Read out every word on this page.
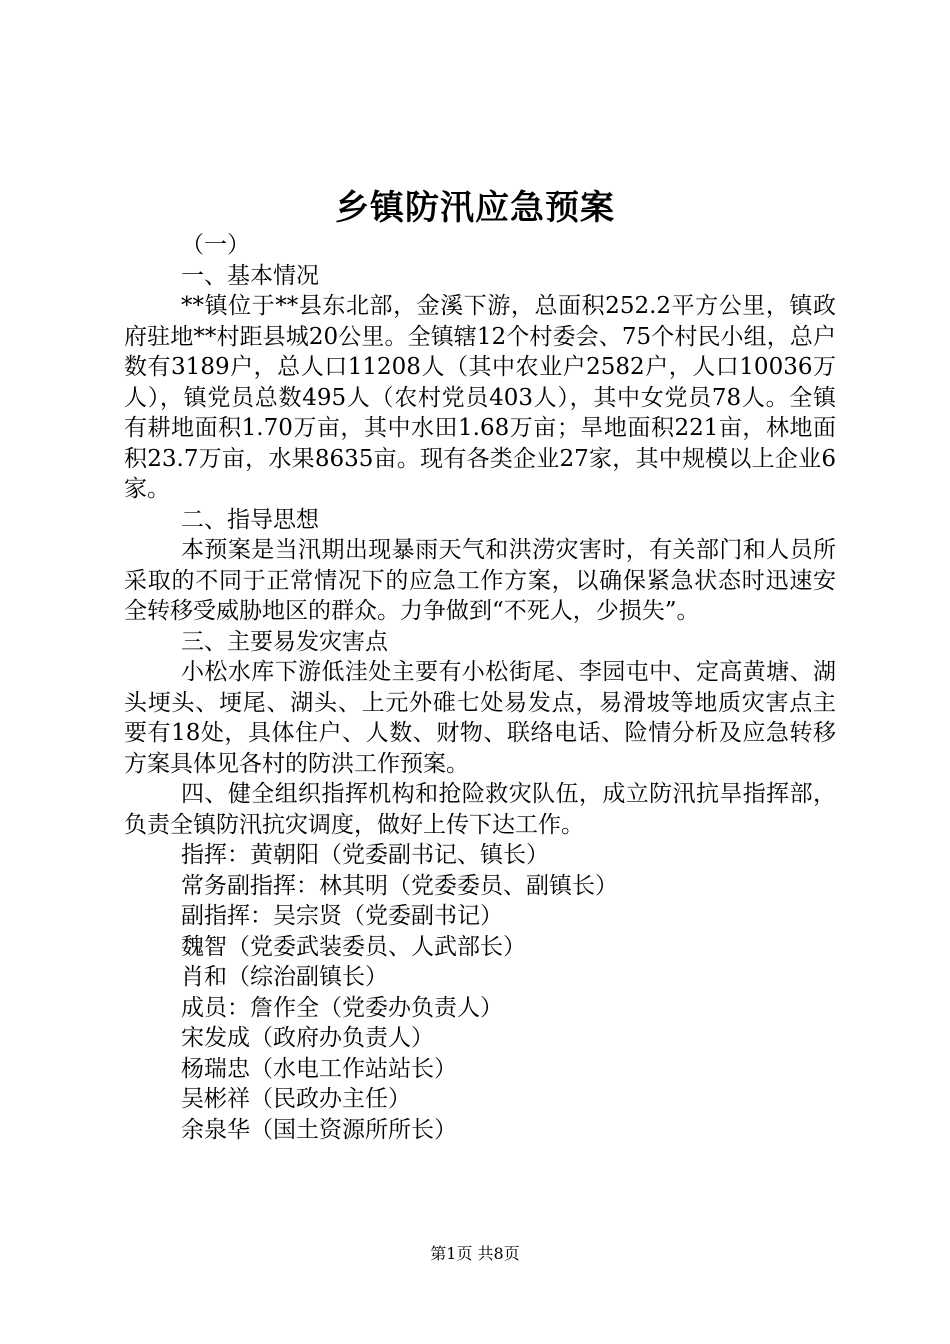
乡镇防汛应急预案
（一）
一、基本情况
**镇位于**县东北部，金溪下游，总面积252.2平方公里，镇政府驻地**村距县城20公里。全镇辖12个村委会、75个村民小组，总户数有3189户，总人口11208人（其中农业户2582户，人口10036万人），镇党员总数495人（农村党员403人），其中女党员78人。全镇有耕地面积1.70万亩，其中水田1.68万亩；旱地面积221亩，林地面积23.7万亩，水果8635亩。现有各类企业27家，其中规模以上企业6家。
二、指导思想
本预案是当汛期出现暴雨天气和洪涝灾害时，有关部门和人员所采取的不同于正常情况下的应急工作方案，以确保紧急状态时迅速安全转移受威胁地区的群众。力争做到“不死人，少损失”。
三、主要易发灾害点
小松水库下游低洼处主要有小松街尾、李园屯中、定高黄塘、湖头埂头、埂尾、湖头、上元外碓七处易发点，易滑坡等地质灾害点主要有18处，具体住户、人数、财物、联络电话、险情分析及应急转移方案具体见各村的防洪工作预案。
四、健全组织指挥机构和抢险救灾队伍，成立防汛抗旱指挥部，负责全镇防汛抗灾调度，做好上传下达工作。
指挥：黄朝阳（党委副书记、镇长）
常务副指挥：林其明（党委委员、副镇长）
副指挥：吴宗贤（党委副书记）
魏智（党委武装委员、人武部长）
肖和（综治副镇长）
成员：詹作全（党委办负责人）
宋发成（政府办负责人）
杨瑞忠（水电工作站站长）
吴彬祥（民政办主任）
余泉华（国土资源所所长）
第1页 共8页
